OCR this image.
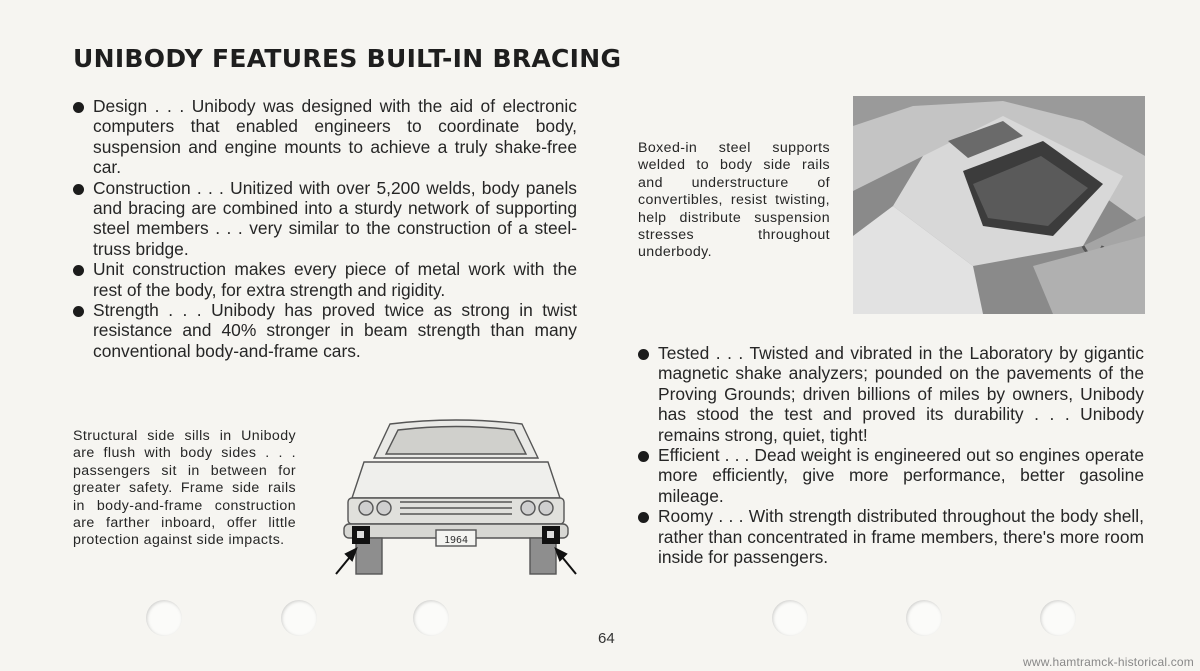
UNIBODY FEATURES BUILT-IN BRACING
Design . . . Unibody was designed with the aid of electronic computers that enabled engineers to coordinate body, suspension and engine mounts to achieve a truly shake-free car.
Construction . . . Unitized with over 5,200 welds, body panels and bracing are combined into a sturdy network of supporting steel members . . . very similar to the construction of a steel-truss bridge.
Unit construction makes every piece of metal work with the rest of the body, for extra strength and rigidity.
Strength . . . Unibody has proved twice as strong in twist resistance and 40% stronger in beam strength than many conventional body-and-frame cars.
Boxed-in steel supports welded to body side rails and understructure of convertibles, resist twisting, help distribute suspension stresses throughout underbody.
Structural side sills in Unibody are flush with body sides . . . passengers sit in between for greater safety. Frame side rails in body-and-frame construction are farther inboard, offer little protection against side impacts.	1964
Tested . . . Twisted and vibrated in the Laboratory by gigantic magnetic shake analyzers; pounded on the pavements of the Proving Grounds; driven billions of miles by owners, Unibody has stood the test and proved its durability . . . Unibody remains strong, quiet, tight!
Efficient . . . Dead weight is engineered out so engines operate more efficiently, give more performance, better gasoline mileage.
Roomy . . . With strength distributed throughout the body shell, rather than concentrated in frame members, there's more room inside for passengers.
64
www.hamtramck-historical.com
